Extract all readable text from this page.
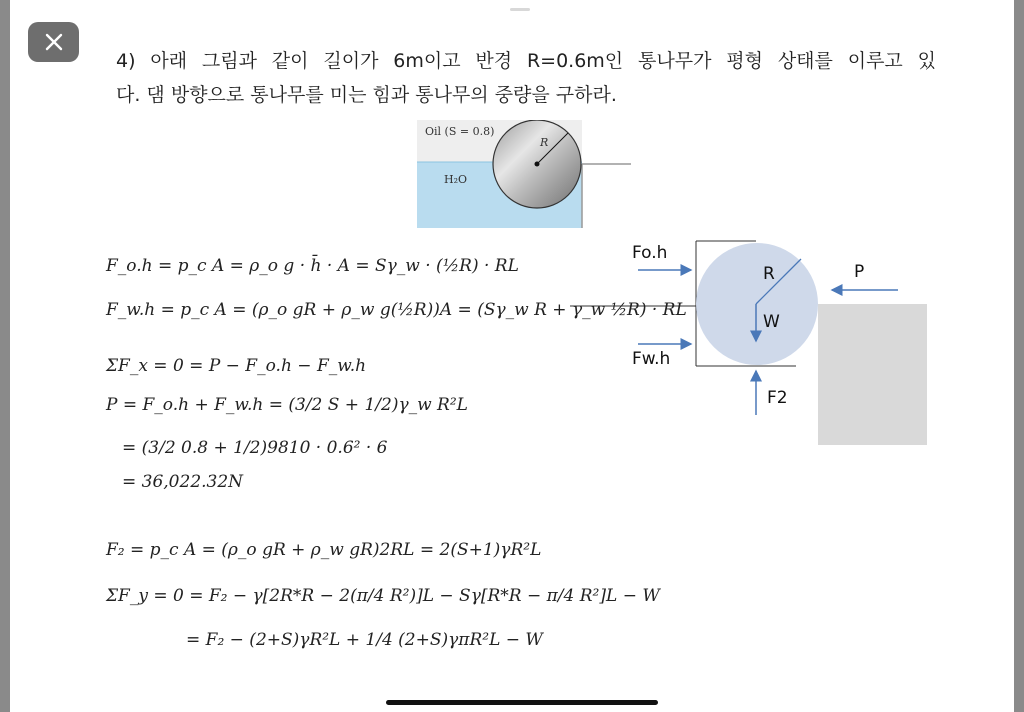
4) 아래 그림과 같이 길이가 6m이고 반경 R=0.6m인 통나무가 평형 상태를 이루고 있
다. 댐 방향으로 통나무를 미는 힘과 통나무의 중량을 구하라.
Oil (S = 0.8)
H₂O
R
Fo.h
Fw.h
R
W
P
F2
F_o.h = p_c A = ρ_o g · h̄ · A = Sγ_w · (½R) · RL
F_w.h = p_c A = (ρ_o gR + ρ_w g(½R))A = (Sγ_w R + γ_w ½R) · RL
ΣF_x = 0 = P − F_o.h − F_w.h
P = F_o.h + F_w.h = (3/2 S + 1/2)γ_w R²L
= (3/2 0.8 + 1/2)9810 · 0.6² · 6
= 36,022.32N
F₂ = p_c A = (ρ_o gR + ρ_w gR)2RL = 2(S+1)γR²L
ΣF_y = 0 = F₂ − γ[2R*R − 2(π/4 R²)]L − Sγ[R*R − π/4 R²]L − W
= F₂ − (2+S)γR²L + 1/4 (2+S)γπR²L − W
